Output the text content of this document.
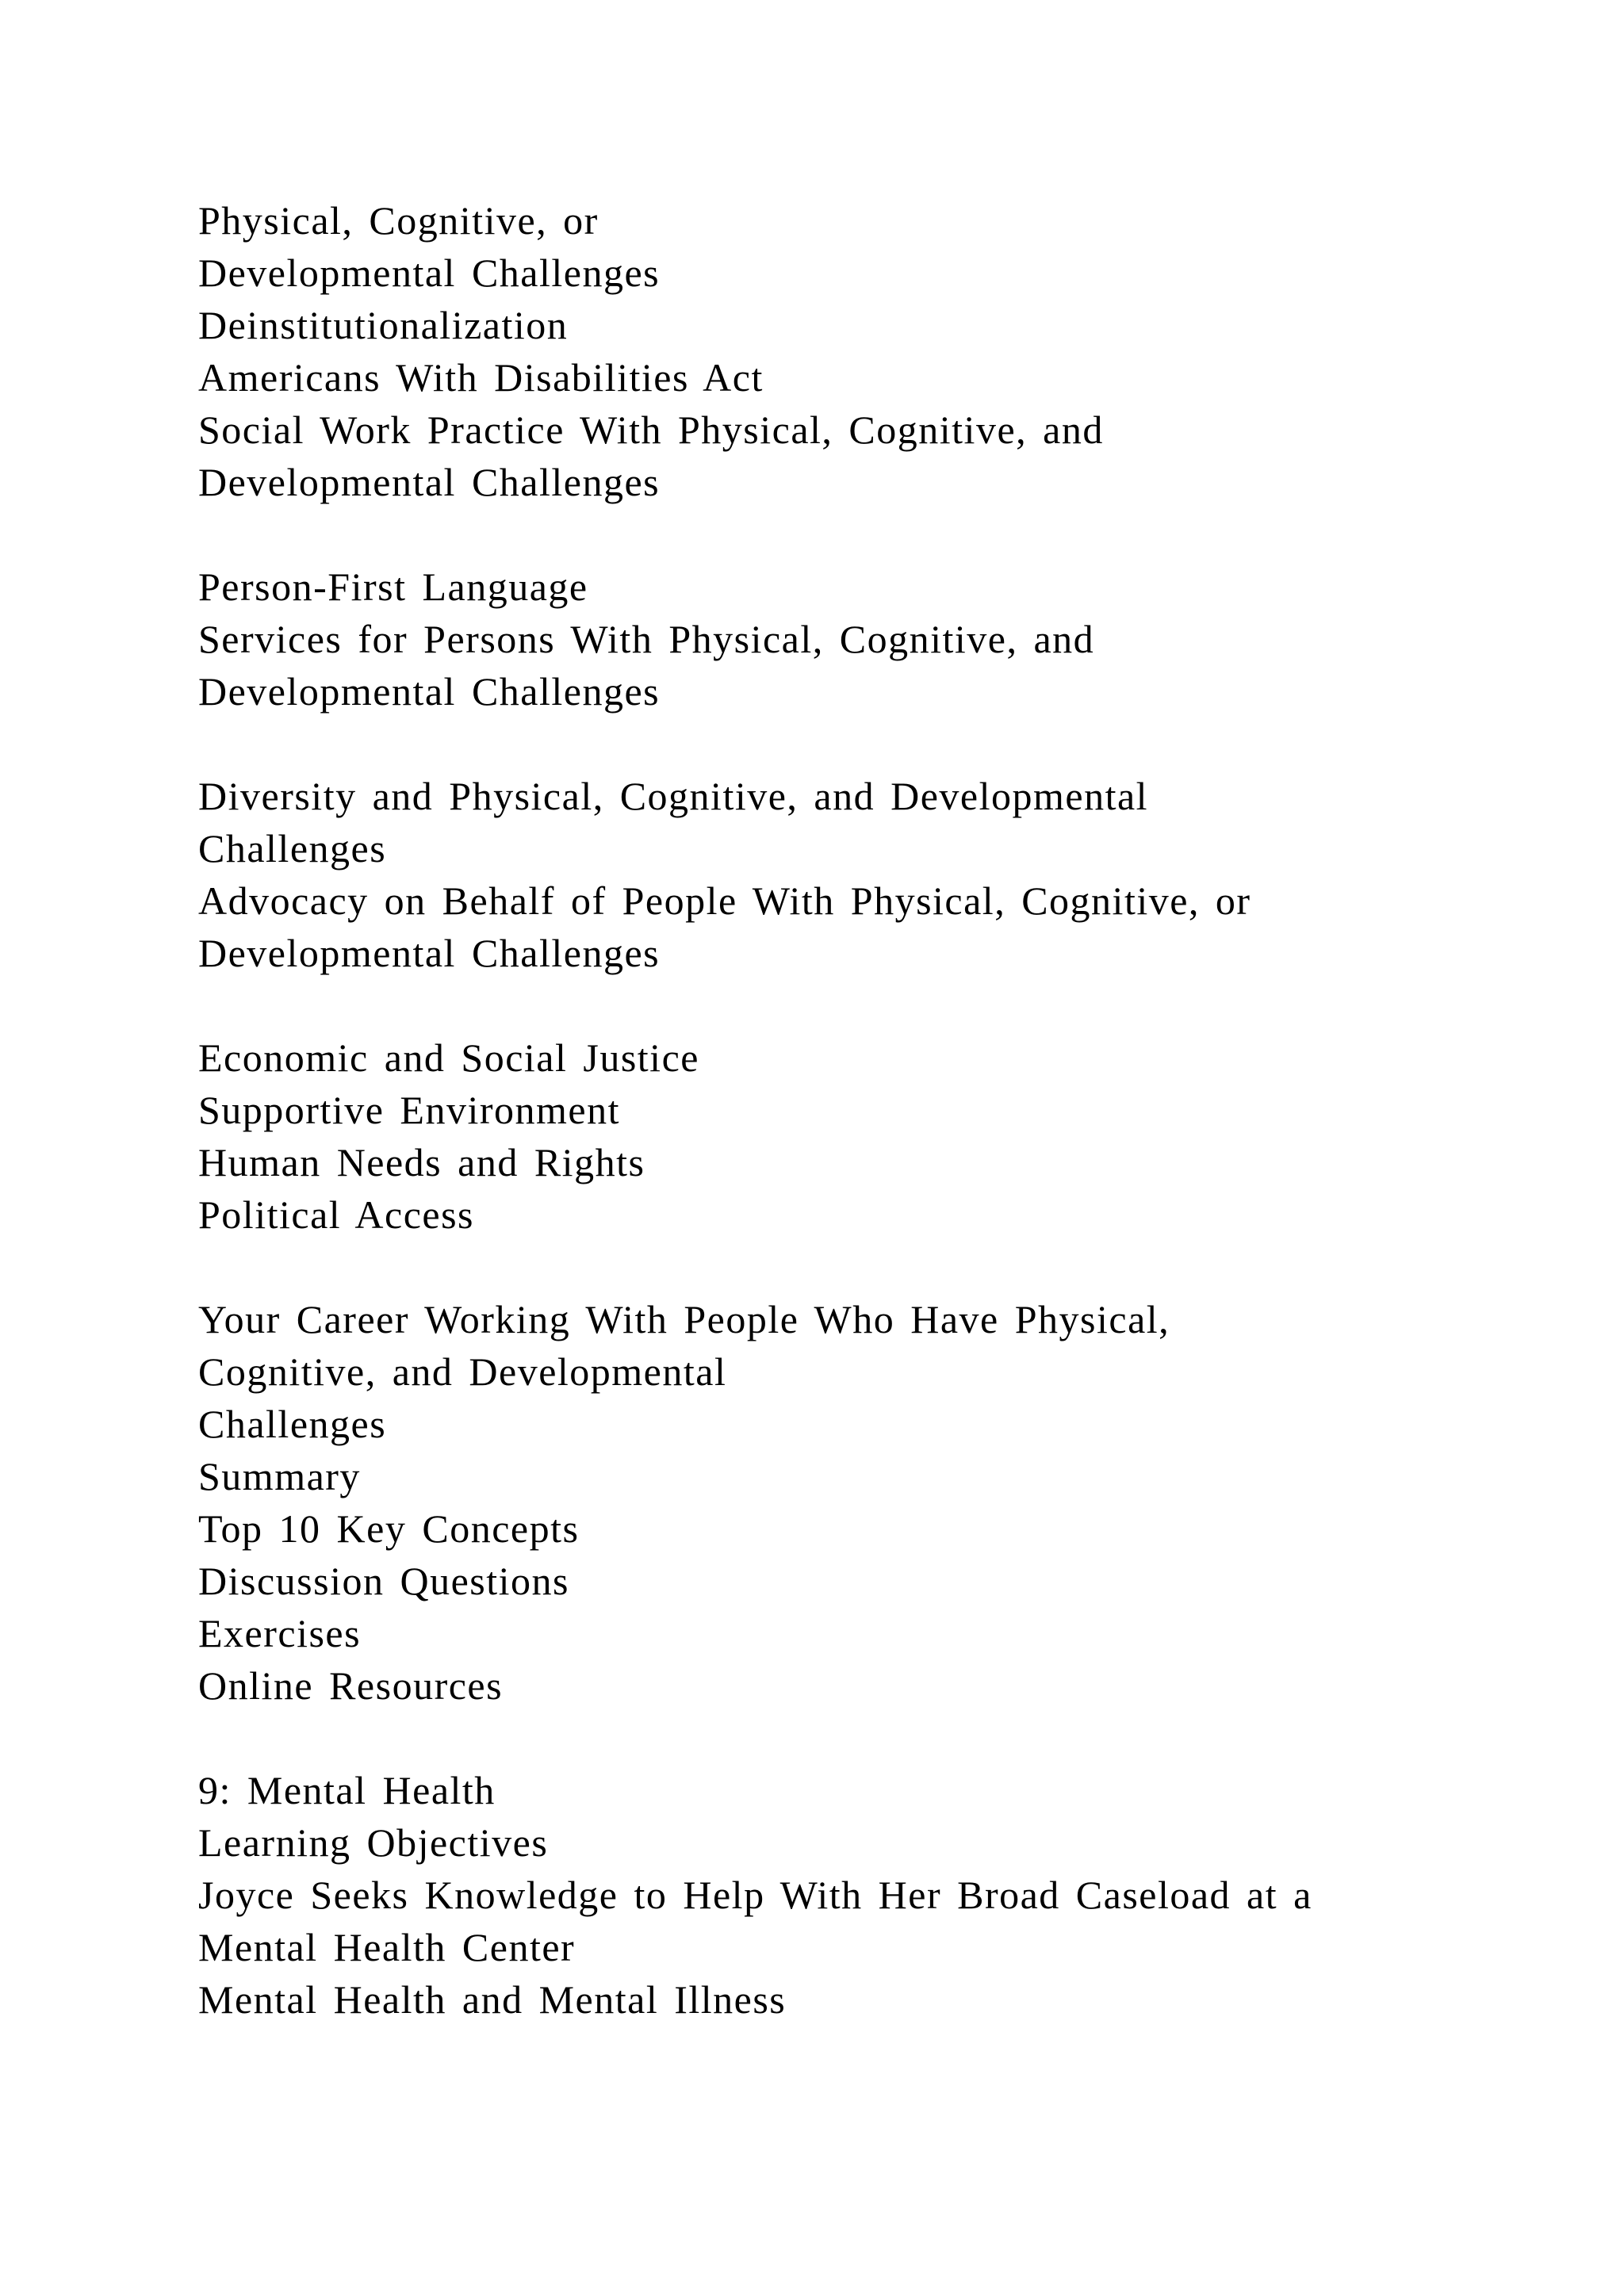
Physical, Cognitive, or
Developmental Challenges
Deinstitutionalization
Americans With Disabilities Act
Social Work Practice With Physical, Cognitive, and
Developmental Challenges
Person-First Language
Services for Persons With Physical, Cognitive, and
Developmental Challenges
Diversity and Physical, Cognitive, and Developmental
Challenges
Advocacy on Behalf of People With Physical, Cognitive, or
Developmental Challenges
Economic and Social Justice
Supportive Environment
Human Needs and Rights
Political Access
Your Career Working With People Who Have Physical,
Cognitive, and Developmental
Challenges
Summary
Top 10 Key Concepts
Discussion Questions
Exercises
Online Resources
9: Mental Health
Learning Objectives
Joyce Seeks Knowledge to Help With Her Broad Caseload at a
Mental Health Center
Mental Health and Mental Illness
